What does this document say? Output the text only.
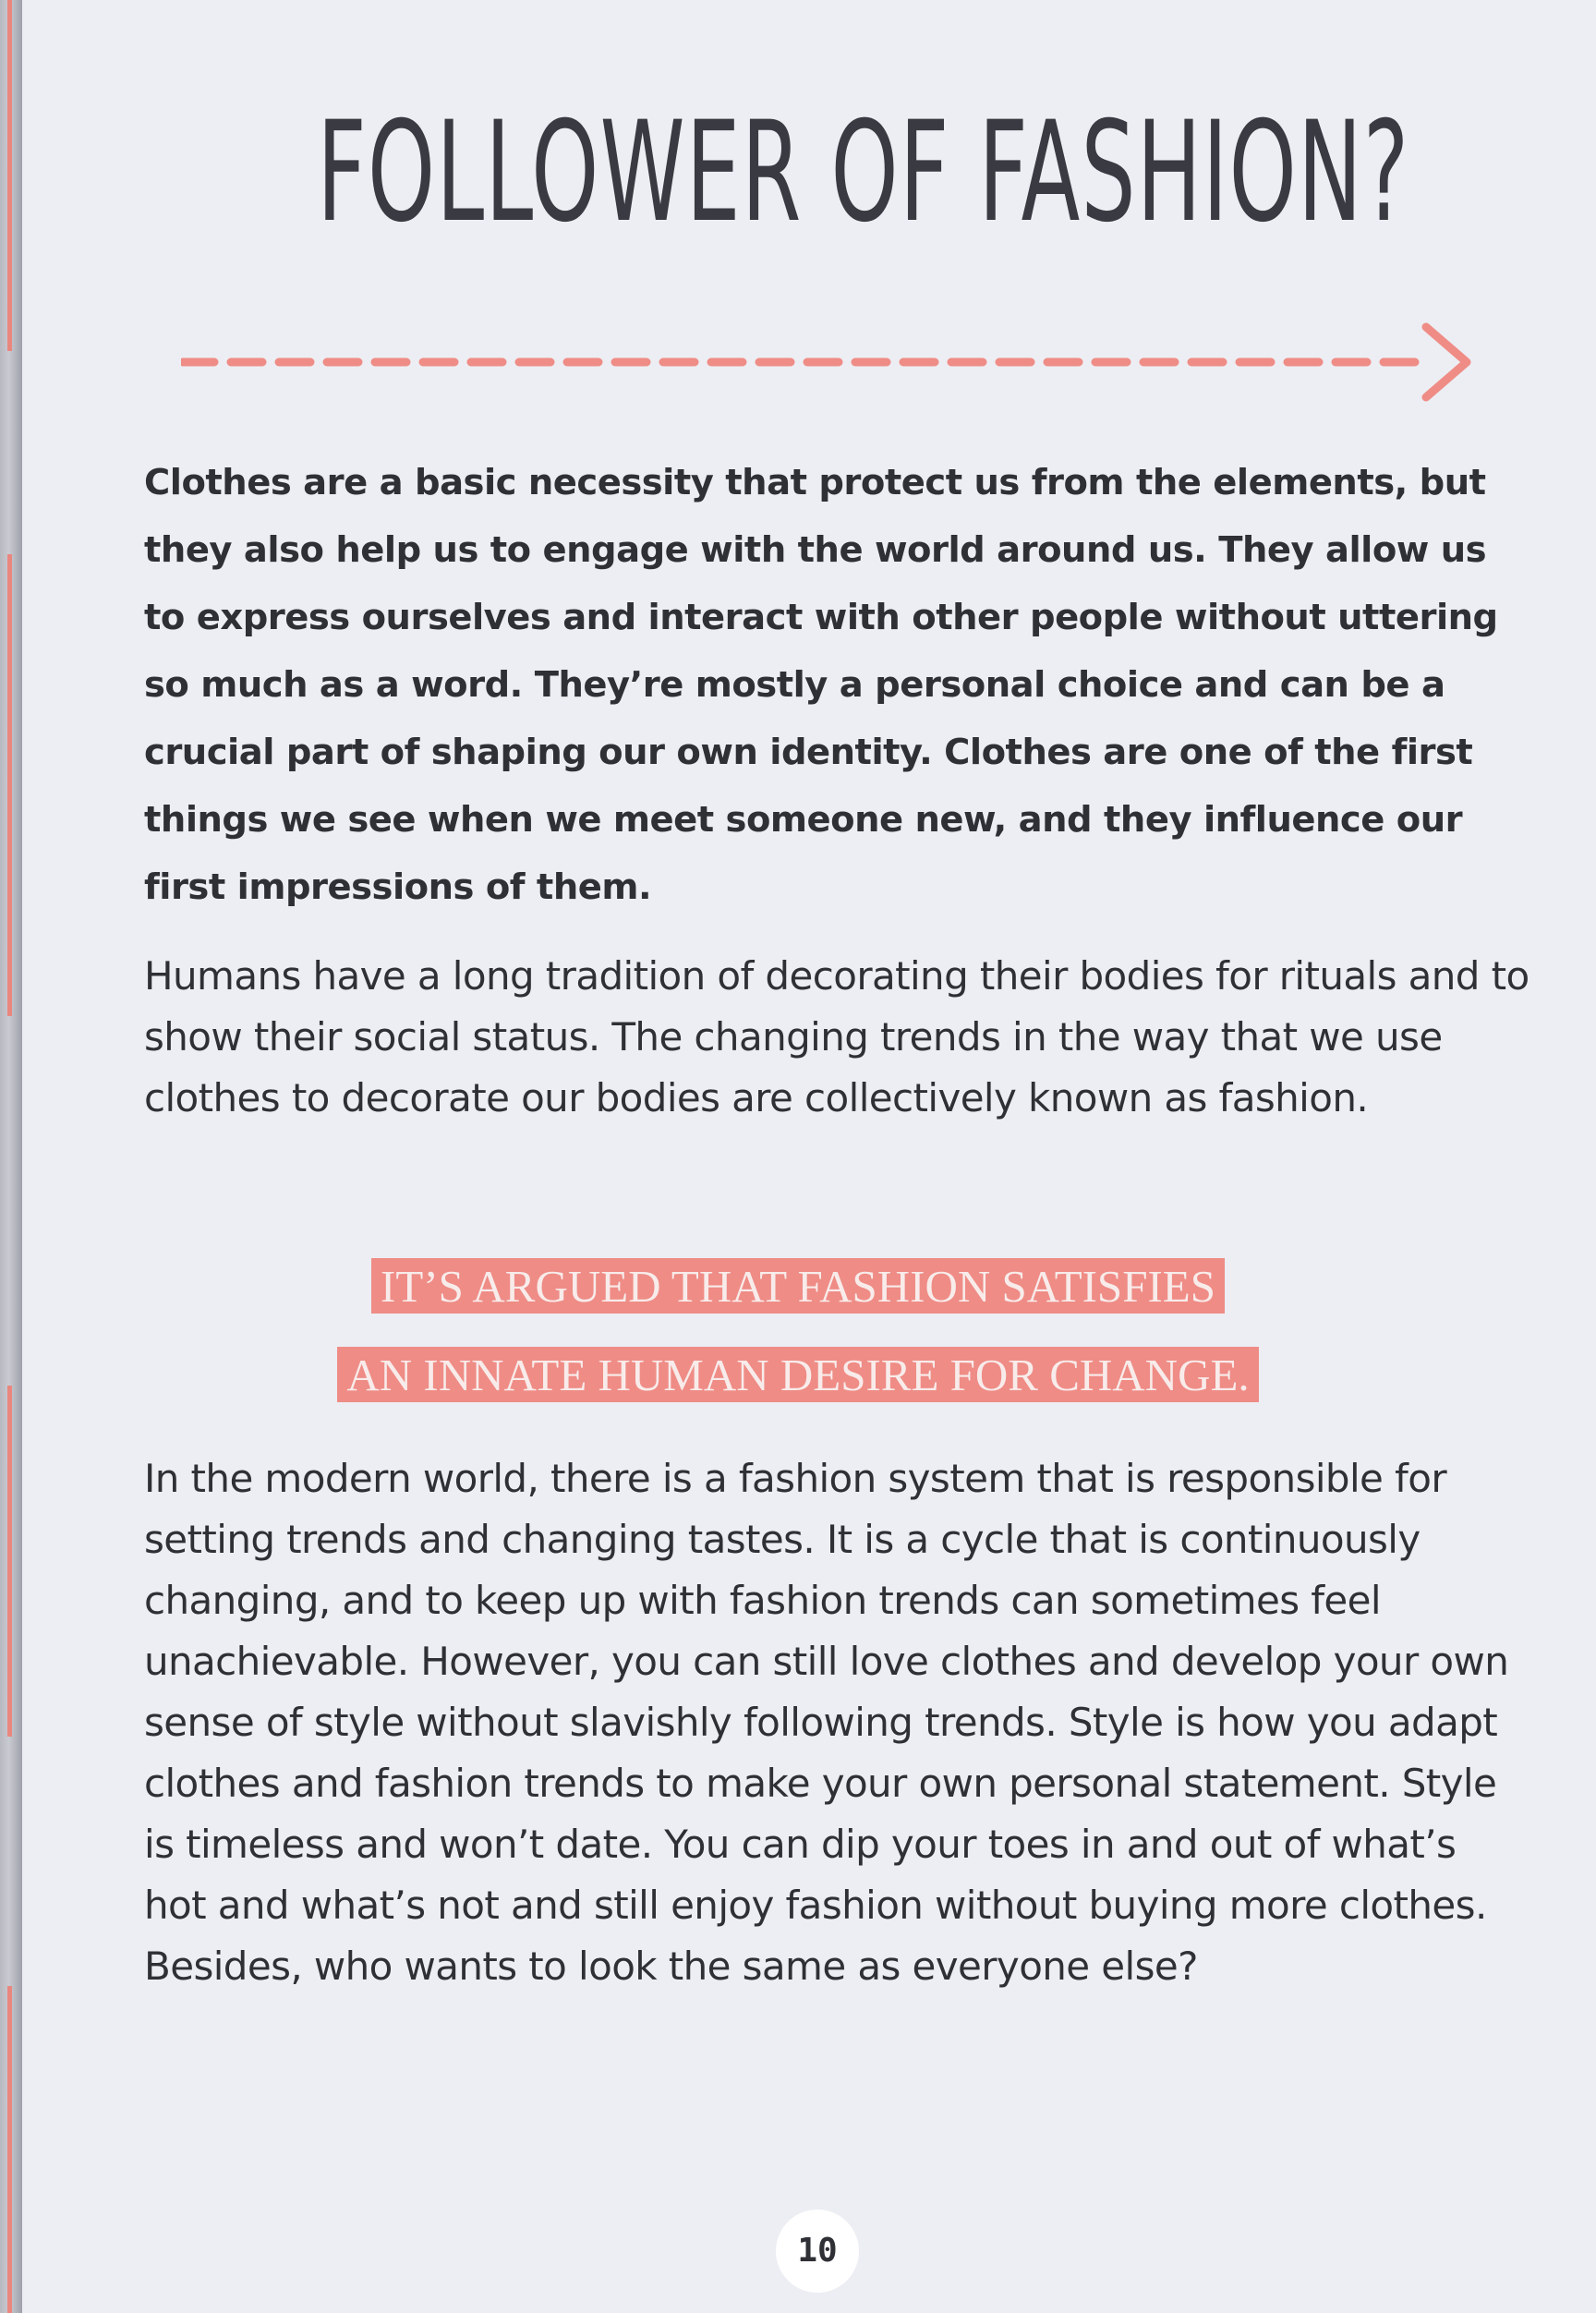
FOLLOWER OF FASHION?

Clothes are a basic necessity that protect us from the elements, but they also help us to engage with the world around us. They allow us to express ourselves and interact with other people without uttering so much as a word. They’re mostly a personal choice and can be a crucial part of shaping our own identity. Clothes are one of the first things we see when we meet someone new, and they influence our first impressions of them.

Humans have a long tradition of decorating their bodies for rituals and to show their social status. The changing trends in the way that we use clothes to decorate our bodies are collectively known as fashion.

IT’S ARGUED THAT FASHION SATISFIES
AN INNATE HUMAN DESIRE FOR CHANGE.

In the modern world, there is a fashion system that is responsible for setting trends and changing tastes. It is a cycle that is continuously changing, and to keep up with fashion trends can sometimes feel unachievable. However, you can still love clothes and develop your own sense of style without slavishly following trends. Style is how you adapt clothes and fashion trends to make your own personal statement. Style is timeless and won’t date. You can dip your toes in and out of what’s hot and what’s not and still enjoy fashion without buying more clothes. Besides, who wants to look the same as everyone else?

10
